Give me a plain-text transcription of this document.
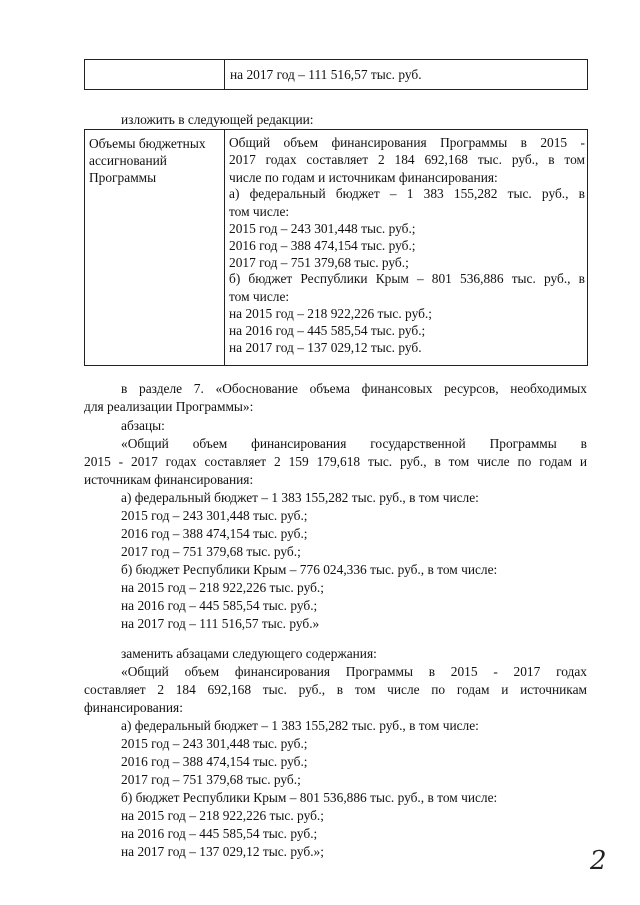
на 2017 год – 111 516,57 тыс. руб.
изложить в следующей редакции:
Объемы бюджетных
ассигнований
Программы
Общий объем финансирования Программы в 2015 -
2017 годах составляет 2 184 692,168 тыс. руб., в том
числе по годам и источникам финансирования:
а) федеральный бюджет – 1 383 155,282 тыс. руб., в
том числе:
2015 год – 243 301,448 тыс. руб.;
2016 год – 388 474,154 тыс. руб.;
2017 год – 751 379,68 тыс. руб.;
б) бюджет Республики Крым – 801 536,886 тыс. руб., в
том числе:
на 2015 год – 218 922,226 тыс. руб.;
на 2016 год – 445 585,54 тыс. руб.;
на 2017 год – 137 029,12 тыс. руб.
в разделе 7. «Обоснование объема финансовых ресурсов, необходимых
для реализации Программы»:
абзацы:
«Общий объем финансирования государственной Программы в
2015 - 2017 годах составляет 2 159 179,618 тыс. руб., в том числе по годам и
источникам финансирования:
а) федеральный бюджет – 1 383 155,282 тыс. руб., в том числе:
2015 год – 243 301,448 тыс. руб.;
2016 год – 388 474,154 тыс. руб.;
2017 год – 751 379,68 тыс. руб.;
б) бюджет Республики Крым – 776 024,336 тыс. руб., в том числе:
на 2015 год – 218 922,226 тыс. руб.;
на 2016 год – 445 585,54 тыс. руб.;
на 2017 год – 111 516,57 тыс. руб.»
заменить абзацами следующего содержания:
«Общий объем финансирования Программы в 2015 - 2017 годах
составляет 2 184 692,168 тыс. руб., в том числе по годам и источникам
финансирования:
а) федеральный бюджет – 1 383 155,282 тыс. руб., в том числе:
2015 год – 243 301,448 тыс. руб.;
2016 год – 388 474,154 тыс. руб.;
2017 год – 751 379,68 тыс. руб.;
б) бюджет Республики Крым – 801 536,886 тыс. руб., в том числе:
на 2015 год – 218 922,226 тыс. руб.;
на 2016 год – 445 585,54 тыс. руб.;
на 2017 год – 137 029,12 тыс. руб.»;	2
